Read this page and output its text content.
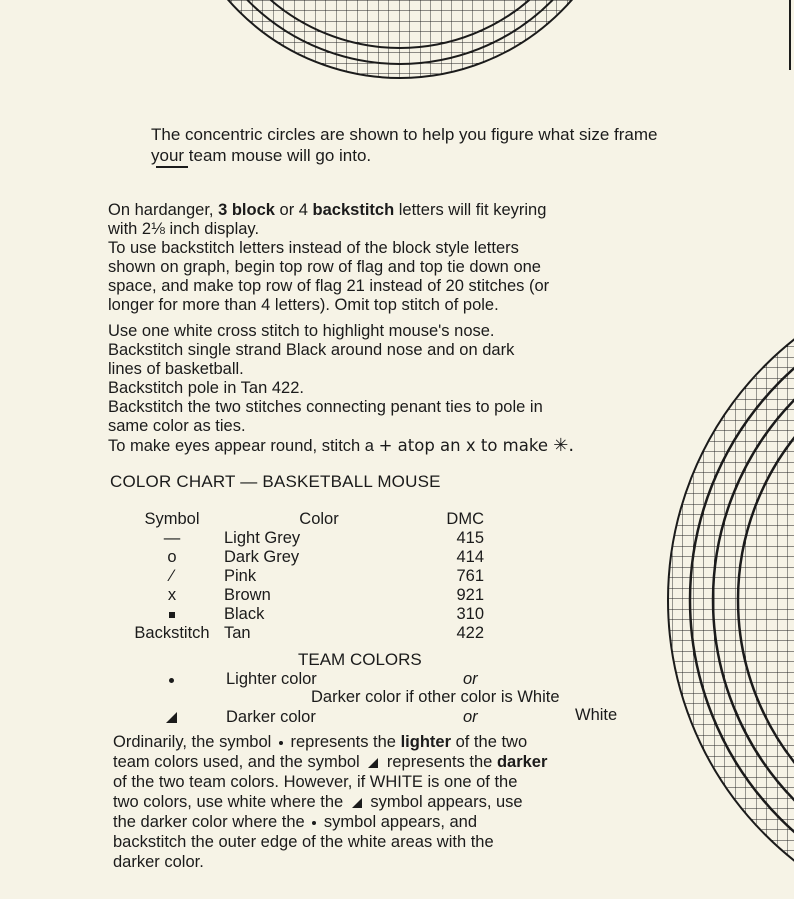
The concentric circles are shown to help you figure what size frame
your team mouse will go into.
On hardanger, 3 block or 4 backstitch letters will fit keyring
with 2⅛ inch display.
To use backstitch letters instead of the block style letters
shown on graph, begin top row of flag and top tie down one
space, and make top row of flag 21 instead of 20 stitches (or
longer for more than 4 letters). Omit top stitch of pole.
Use one white cross stitch to highlight mouse's nose.
Backstitch single strand Black around nose and on dark
lines of basketball.
Backstitch pole in Tan 422.
Backstitch the two stitches connecting penant ties to pole in
same color as ties.
To make eyes appear round, stitch a + atop an x to make ✳.
COLOR CHART — BASKETBALL MOUSE
Symbol	Color	DMC
—	Light Grey	415
o	Dark Grey	414
⁄	Pink	761
x	Brown	921
	Black	310
Backstitch	Tan	422
TEAM COLORS
Lighter color	or
Darker color if other color is White
Darker color	or	White
Ordinarily, the symbol  represents the lighter of the two
team colors used, and the symbol  represents the darker
of the two team colors. However, if WHITE is one of the
two colors, use white where the  symbol appears, use
the darker color where the  symbol appears, and
backstitch the outer edge of the white areas with the
darker color.
